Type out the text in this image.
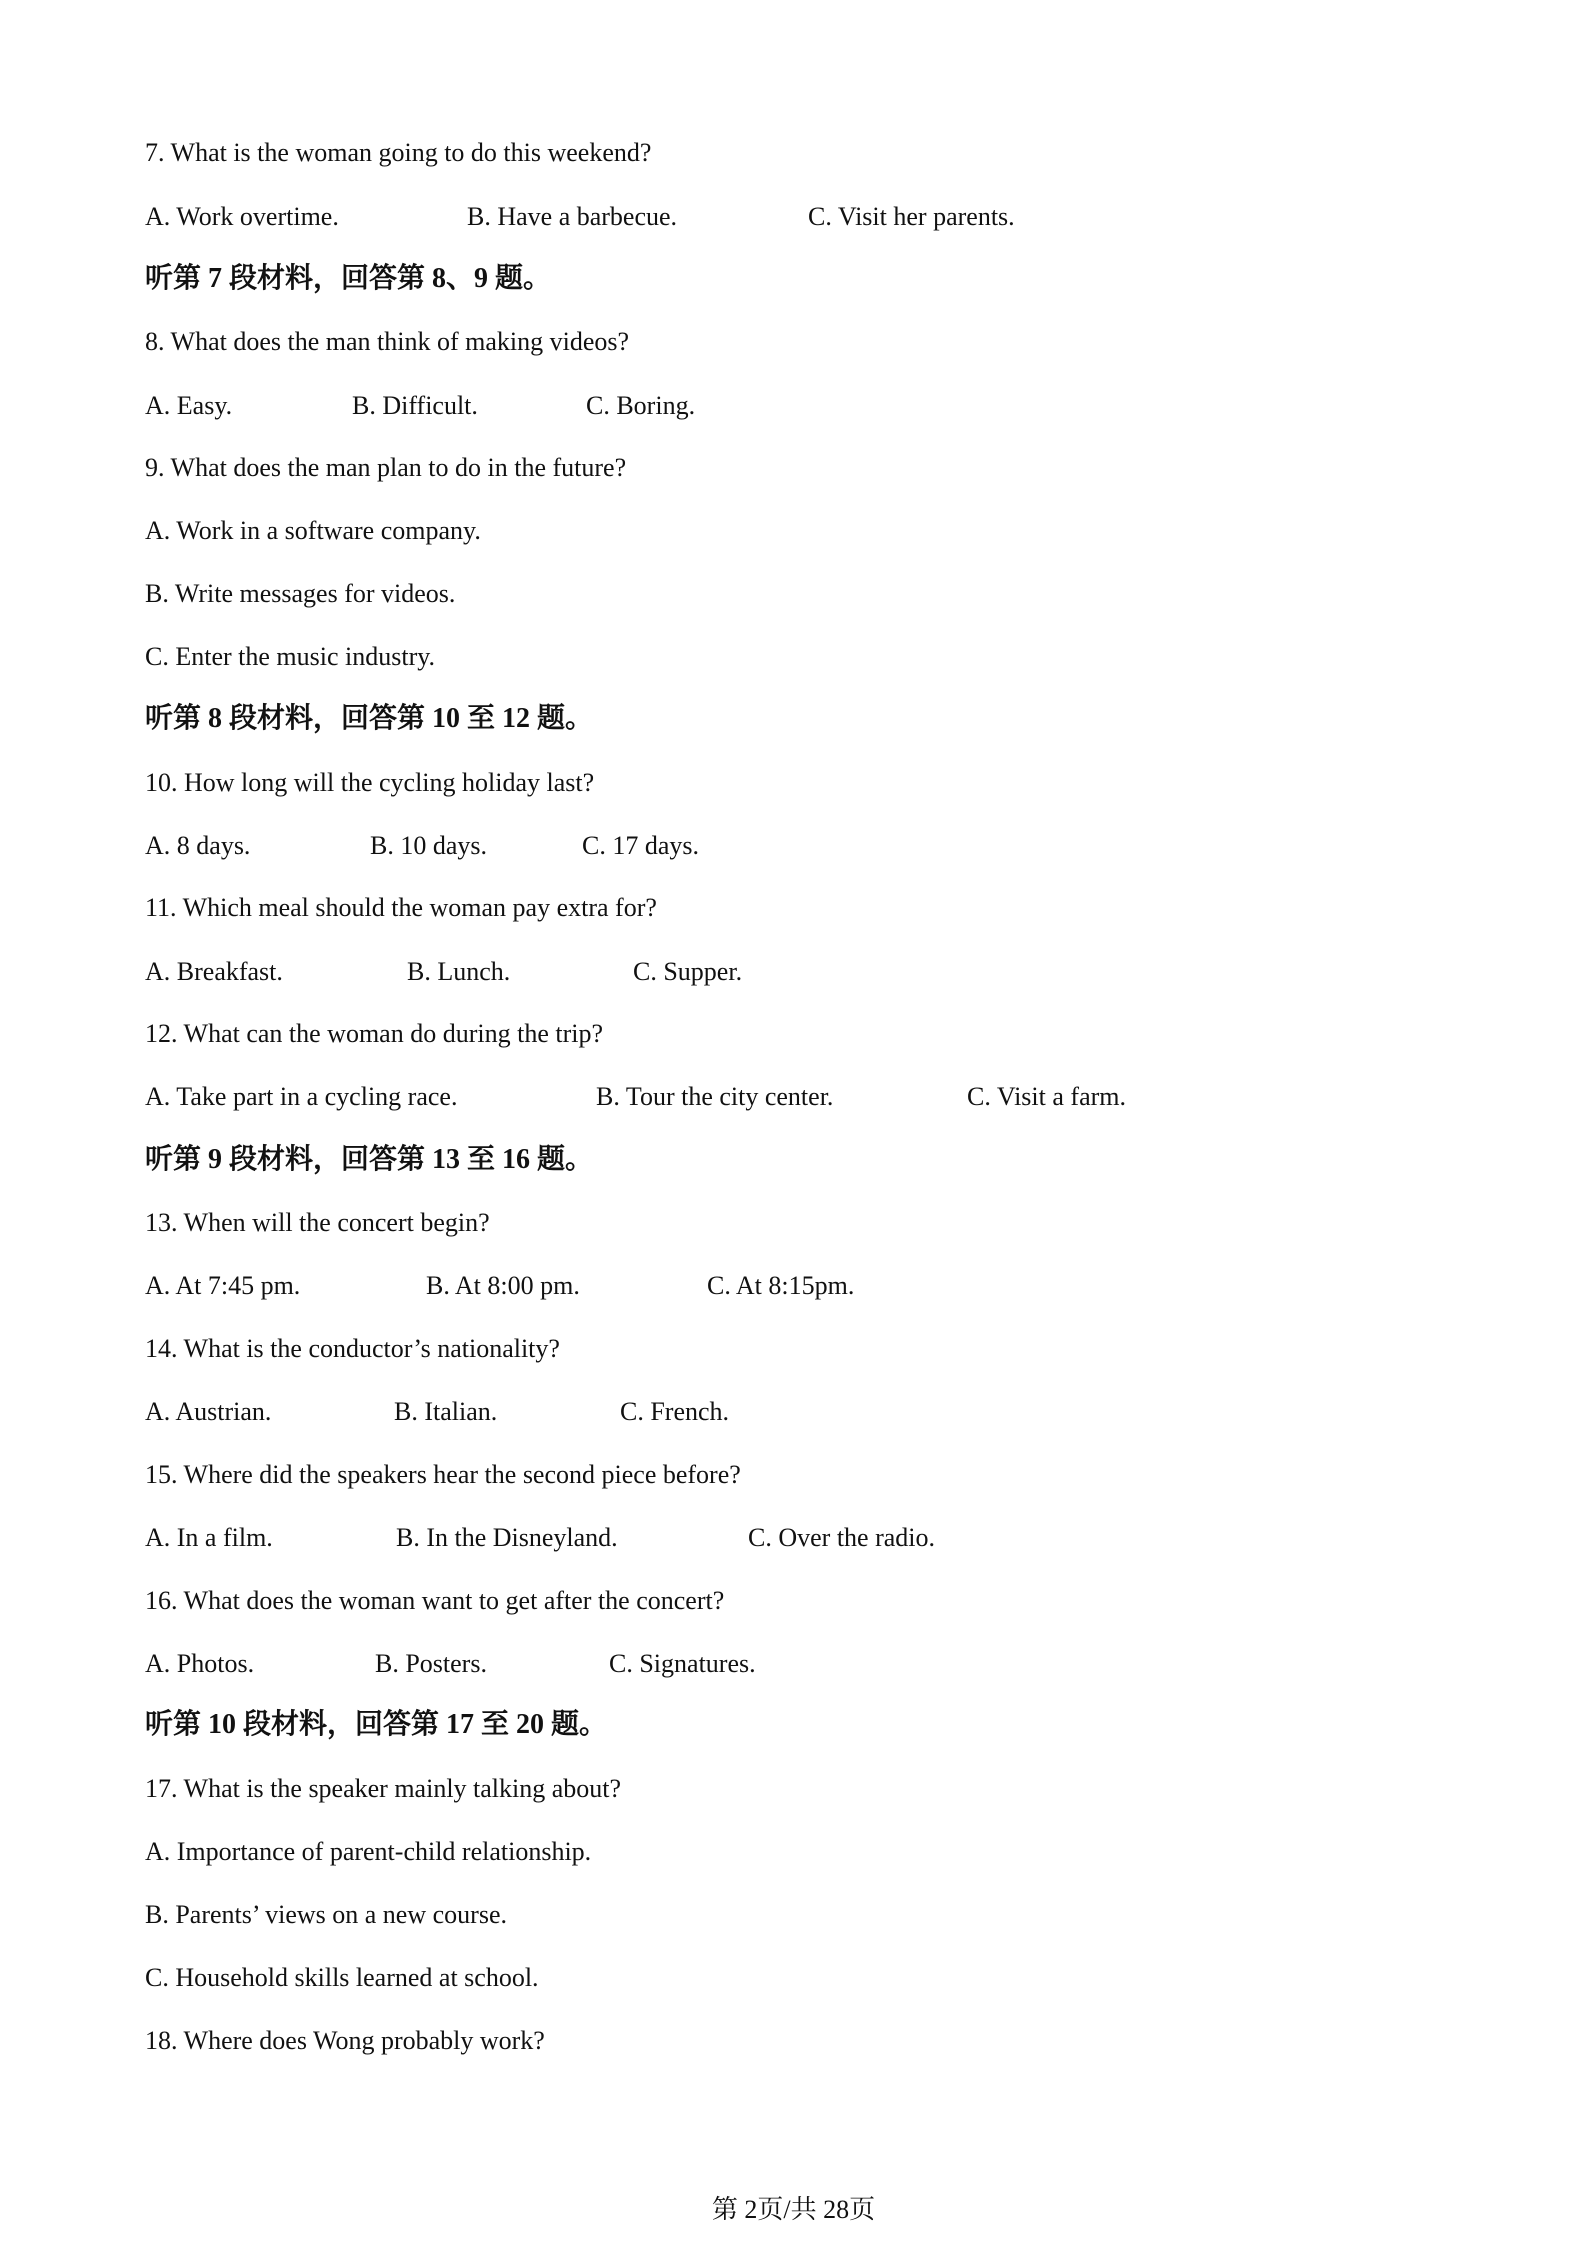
7. What is the woman going to do this weekend?
A. Work overtime.	B. Have a barbecue.	C. Visit her parents.
听第 7 段材料，回答第 8、9 题。
8. What does the man think of making videos?
A. Easy.	B. Difficult.	C. Boring.
9. What does the man plan to do in the future?
A. Work in a software company.
B. Write messages for videos.
C. Enter the music industry.
听第 8 段材料，回答第 10 至 12 题。
10. How long will the cycling holiday last?
A. 8 days.	B. 10 days.	C. 17 days.
11. Which meal should the woman pay extra for?
A. Breakfast.	B. Lunch.	C. Supper.
12. What can the woman do during the trip?
A. Take part in a cycling race.	B. Tour the city center.	C. Visit a farm.
听第 9 段材料，回答第 13 至 16 题。
13. When will the concert begin?
A. At 7:45 pm.	B. At 8:00 pm.	C. At 8:15pm.
14. What is the conductor’s nationality?
A. Austrian.	B. Italian.	C. French.
15. Where did the speakers hear the second piece before?
A. In a film.	B. In the Disneyland.	C. Over the radio.
16. What does the woman want to get after the concert?
A. Photos.	B. Posters.	C. Signatures.
听第 10 段材料，回答第 17 至 20 题。
17. What is the speaker mainly talking about?
A. Importance of parent-child relationship.
B. Parents’ views on a new course.
C. Household skills learned at school.
18. Where does Wong probably work?
第 2页/共 28页
